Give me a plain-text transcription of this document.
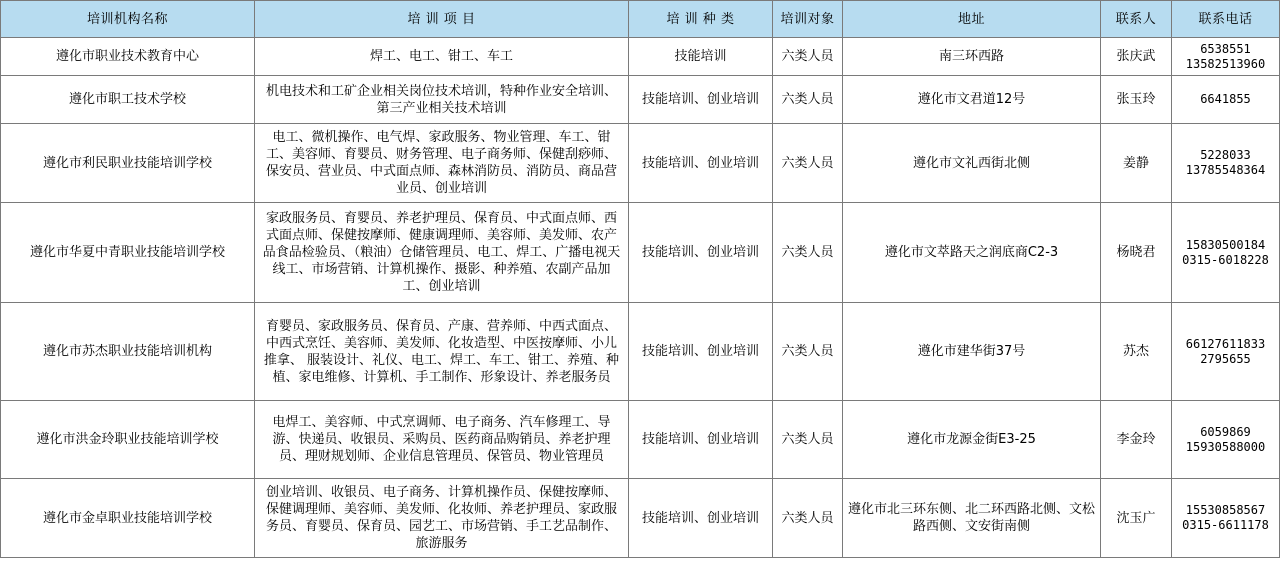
培训机构名称	培 训 项 目	培 训 种 类	培训对象	地址	联系人	联系电话
遵化市职业技术教育中心	焊工、电工、钳工、车工	技能培训	六类人员	南三环西路	张庆武	6538551
13582513960

遵化市职工技术学校	机电技术和工矿企业相关岗位技术培训，特种作业安全培训、第三产业相关技术培训	技能培训、创业培训	六类人员	遵化市文君道12号	张玉玲	6641855

遵化市利民职业技能培训学校	电工、微机操作、电气焊、家政服务、物业管理、车工、钳工、美容师、育婴员、财务管理、电子商务师、保健刮痧师、保安员、营业员、中式面点师、森林消防员、消防员、商品营业员、创业培训	技能培训、创业培训	六类人员	遵化市文礼西街北侧	姜静	5228033
13785548364

遵化市华夏中青职业技能培训学校	家政服务员、育婴员、养老护理员、保育员、中式面点师、西式面点师、保健按摩师、健康调理师、美容师、美发师、农产品食品检验员、（粮油）仓储管理员、电工、焊工、广播电视天线工、市场营销、计算机操作、摄影、种养殖、农副产品加工、创业培训	技能培训、创业培训	六类人员	遵化市文萃路天之润底商C2-3	杨晓君	15830500184
0315-6018228

遵化市苏杰职业技能培训机构	育婴员、家政服务员、保育员、产康、营养师、中西式面点、中西式烹饪、美容师、美发师、化妆造型、中医按摩师、小儿推拿、 服装设计、礼仪、电工、焊工、车工、钳工、养殖、种植、家电维修、计算机、手工制作、形象设计、养老服务员	技能培训、创业培训	六类人员	遵化市建华街37号	苏杰	66127611833
2795655

遵化市洪金玲职业技能培训学校	电焊工、美容师、中式烹调师、电子商务、汽车修理工、导游、快递员、收银员、采购员、医药商品购销员、养老护理员、理财规划师、企业信息管理员、保管员、物业管理员	技能培训、创业培训	六类人员	遵化市龙源金街E3-25	李金玲	6059869
15930588000

遵化市金卓职业技能培训学校	创业培训、收银员、电子商务、计算机操作员、保健按摩师、保健调理师、美容师、美发师、化妆师、养老护理员、家政服务员、育婴员、保育员、园艺工、市场营销、手工艺品制作、旅游服务	技能培训、创业培训	六类人员	遵化市北三环东侧、北二环西路北侧、文松路西侧、文安街南侧	沈玉广	15530858567
0315-6611178
